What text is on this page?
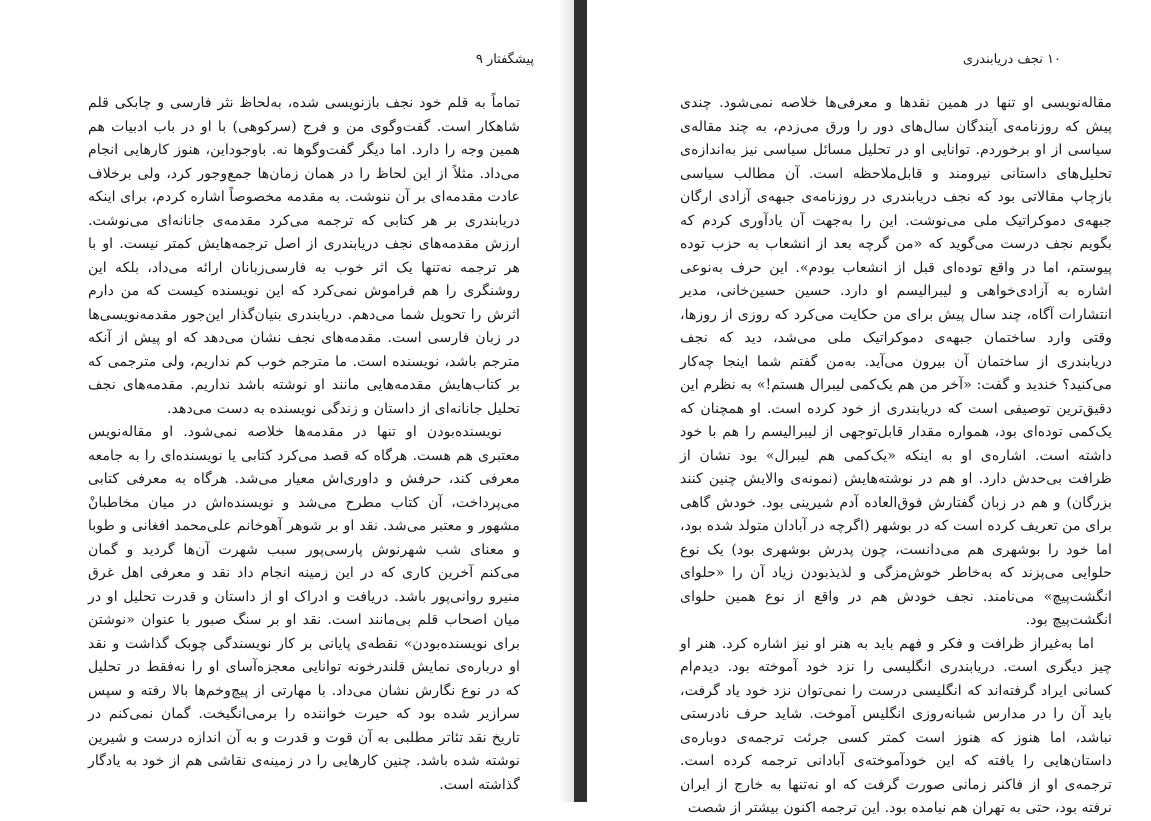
پیشگفتار ۹

تماماً به قلم خود نجف بازنویسی شده، به‌لحاظ نثر فارسی و چابکی قلم شاهکار است. گفت‌وگوی من و فرج (سرکوهی) با او در باب ادبیات هم همین وجه را دارد. اما دیگر گفت‌وگوها نه. باوجوداین، هنوز کارهایی انجام می‌داد. مثلاً از این لحاظ را در همان زمان‌ها جمع‌وجور کرد، ولی برخلاف عادت مقدمه‌ای بر آن ننوشت. به مقدمه مخصوصاً اشاره کردم، برای اینکه دریابندری بر هر کتابی که ترجمه می‌کرد مقدمه‌ی جانانه‌ای می‌نوشت. ارزش مقدمه‌های نجف دریابندری از اصل ترجمه‌هایش کمتر نیست. او با هر ترجمه نه‌تنها یک اثر خوب به فارسی‌زبانان ارائه می‌داد، بلکه این روشنگری را هم فراموش نمی‌کرد که این نویسنده کیست که من دارم اثرش را تحویل شما می‌دهم. دریابندری بنیان‌گذار این‌جور مقدمه‌نویسی‌ها در زبان فارسی است. مقدمه‌های نجف نشان می‌دهد که او پیش از آنکه مترجم باشد، نویسنده است. ما مترجم خوب کم نداریم، ولی مترجمی که بر کتاب‌هایش مقدمه‌هایی مانند او نوشته باشد نداریم. مقدمه‌های نجف تحلیل جانانه‌ای از داستان و زندگی نویسنده به دست می‌دهد.

نویسنده‌بودن او تنها در مقدمه‌ها خلاصه نمی‌شود. او مقاله‌نویس معتبری هم هست. هرگاه که قصد می‌کرد کتابی یا نویسنده‌ای را به جامعه معرفی کند، حرفش و داوری‌اش معیار می‌شد. هرگاه به معرفی کتابی می‌پرداخت، آن کتاب مطرح می‌شد و نویسنده‌اش در میان مخاطبانْ مشهور و معتبر می‌شد. نقد او بر شوهر آهوخانم علی‌محمد افغانی و طوبا و معنای شب شهرنوش پارسی‌پور سبب شهرت آن‌ها گردید و گمان می‌کنم آخرین کاری که در این زمینه انجام داد نقد و معرفی اهل غرق منیرو روانی‌پور باشد. دریافت و ادراک او از داستان و قدرت تحلیل او در میان اصحاب قلم بی‌مانند است. نقد او بر سنگ صبور با عنوان «نوشتن برای نویسنده‌بودن» نقطه‌ی پایانی بر کار نویسندگی چوبک گذاشت و نقد او درباره‌ی نمایش قلندرخونه توانایی معجزه‌آسای او را نه‌فقط در تحلیل که در نوع نگارش نشان می‌داد. با مهارتی از پیچ‌وخم‌ها بالا رفته و سپس سرازیر شده بود که حیرت خواننده را برمی‌انگیخت. گمان نمی‌کنم در تاریخ نقد تئاتر مطلبی به آن قوت و قدرت و به آن اندازه درست و شیرین نوشته شده باشد. چنین کارهایی را در زمینه‌ی نقاشی هم از خود به یادگار گذاشته است.

۱۰ نجف دریابندری

مقاله‌نویسی او تنها در همین نقدها و معرفی‌ها خلاصه نمی‌شود. چندی پیش که روزنامه‌ی آیندگان سال‌های دور را ورق می‌زدم، به چند مقاله‌ی سیاسی از او برخوردم. توانایی او در تحلیل مسائل سیاسی نیز به‌اندازه‌ی تحلیل‌های داستانی نیرومند و قابل‌ملاحظه است. آن مطالب سیاسی بازچاپ مقالاتی بود که نجف دریابندری در روزنامه‌ی جبهه‌ی آزادی ارگان جبهه‌ی دموکراتیک ملی می‌نوشت. این را به‌جهت آن یادآوری کردم که بگویم نجف درست می‌گوید که «من گرچه بعد از انشعاب به حزب توده پیوستم، اما در واقع توده‌ای قبل از انشعاب بودم». این حرف به‌نوعی اشاره به آزادی‌خواهی و لیبرالیسم او دارد. حسین حسین‌خانی، مدیر انتشارات آگاه، چند سال پیش برای من حکایت می‌کرد که روزی از روزها، وقتی وارد ساختمان جبهه‌ی دموکراتیک ملی می‌شد، دید که نجف دریابندری از ساختمان آن بیرون می‌آید. به‌من گفتم شما اینجا چه‌کار می‌کنید؟ خندید و گفت: «آخر من هم یک‌کمی لیبرال هستم!» به نظرم این دقیق‌ترین توصیفی است که دریابندری از خود کرده است. او همچنان که یک‌کمی توده‌ای بود، همواره مقدار قابل‌توجهی از لیبرالیسم را هم با خود داشته است. اشاره‌ی او به اینکه «یک‌کمی هم لیبرال» بود نشان از ظرافت بی‌حدش دارد. او هم در نوشته‌هایش (نمونه‌ی والایش چنین کنند بزرگان) و هم در زبان گفتارش فوق‌العاده آدم شیرینی بود. خودش گاهی برای من تعریف کرده است که در بوشهر (اگرچه در آبادان متولد شده بود، اما خود را بوشهری هم می‌دانست، چون پدرش بوشهری بود) یک نوع حلوایی می‌پزند که به‌خاطر خوش‌مزگی و لذیذبودن زیاد آن را «حلوای انگشت‌پیچ» می‌نامند. نجف خودش هم در واقع از نوع همین حلوای انگشت‌پیچ بود.

اما به‌غیراز ظرافت و فکر و فهم باید به هنر او نیز اشاره کرد. هنر او چیز دیگری است. دریابندری انگلیسی را نزد خود آموخته بود. دیدم‌ام کسانی ایراد گرفته‌اند که انگلیسی درست را نمی‌توان نزد خود یاد گرفت، باید آن را در مدارس شبانه‌روزی انگلیس آموخت. شاید حرف نادرستی نباشد، اما هنوز که هنوز است کمتر کسی جرئت ترجمه‌ی دوباره‌ی داستان‌هایی را یافته که این خودآموخته‌ی آبادانی ترجمه کرده است. ترجمه‌ی او از فاکنر زمانی صورت گرفت که او نه‌تنها به خارج از ایران نرفته بود، حتی به تهران هم نیامده بود. این ترجمه اکنون بیشتر از شصت
